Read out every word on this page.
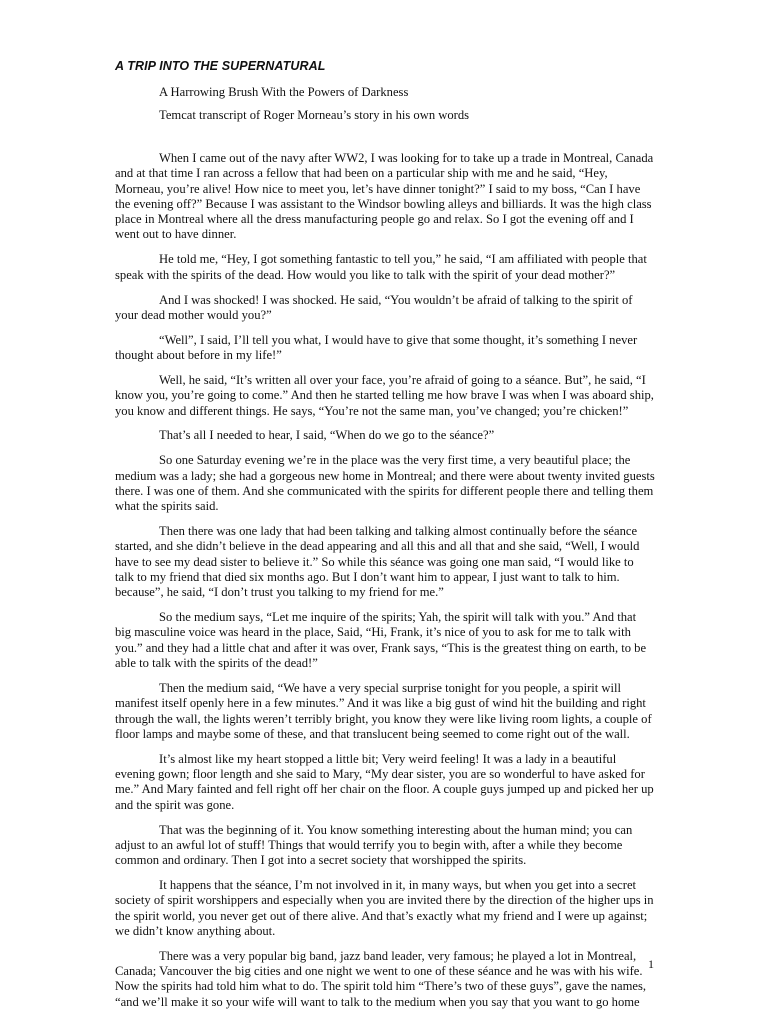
A TRIP INTO THE SUPERNATURAL
A Harrowing Brush With the Powers of Darkness
Temcat transcript of Roger Morneau’s story in his own words

When I came out of the navy after WW2, I was looking for to take up a trade in Montreal, Canada and at that time I ran across a fellow that had been on a particular ship with me and he said, “Hey, Morneau, you’re alive! How nice to meet you, let’s have dinner tonight?” I said to my boss, “Can I have the evening off?” Because I was assistant to the Windsor bowling alleys and billiards. It was the high class place in Montreal where all the dress manufacturing people go and relax. So I got the evening off and I went out to have dinner.

He told me, “Hey, I got something fantastic to tell you,” he said, “I am affiliated with people that speak with the spirits of the dead. How would you like to talk with the spirit of your dead mother?”

And I was shocked! I was shocked. He said, “You wouldn’t be afraid of talking to the spirit of your dead mother would you?”

“Well”, I said, I’ll tell you what, I would have to give that some thought, it’s something I never thought about before in my life!”

Well, he said, “It’s written all over your face, you’re afraid of going to a séance. But”, he said, “I know you, you’re going to come.” And then he started telling me how brave I was when I was aboard ship, you know and different things. He says, “You’re not the same man, you’ve changed; you’re chicken!”

That’s all I needed to hear, I said, “When do we go to the séance?”

So one Saturday evening we’re in the place was the very first time, a very beautiful place; the medium was a lady; she had a gorgeous new home in Montreal; and there were about twenty invited guests there. I was one of them. And she communicated with the spirits for different people there and telling them what the spirits said.

Then there was one lady that had been talking and talking almost continually before the séance started, and she didn’t believe in the dead appearing and all this and all that and she said, “Well, I would have to see my dead sister to believe it.” So while this séance was going one man said, “I would like to talk to my friend that died six months ago. But I don’t want him to appear, I just want to talk to him. because”, he said, “I don’t trust you talking to my friend for me.”

So the medium says, “Let me inquire of the spirits; Yah, the spirit will talk with you.” And that big masculine voice was heard in the place, Said, “Hi, Frank, it’s nice of you to ask for me to talk with you.” and they had a little chat and after it was over, Frank says, “This is the greatest thing on earth, to be able to talk with the spirits of the dead!”

Then the medium said, “We have a very special surprise tonight for you people, a spirit will manifest itself openly here in a few minutes.” And it was like a big gust of wind hit the building and right through the wall, the lights weren’t terribly bright, you know they were like living room lights, a couple of floor lamps and maybe some of these, and that translucent being seemed to come right out of the wall.

It’s almost like my heart stopped a little bit; Very weird feeling! It was a lady in a beautiful evening gown; floor length and she said to Mary, “My dear sister, you are so wonderful to have asked for me.” And Mary fainted and fell right off her chair on the floor. A couple guys jumped up and picked her up and the spirit was gone.

That was the beginning of it. You know something interesting about the human mind; you can adjust to an awful lot of stuff! Things that would terrify you to begin with, after a while they become common and ordinary. Then I got into a secret society that worshipped the spirits.

It happens that the séance, I’m not involved in it, in many ways, but when you get into a secret society of spirit worshippers and especially when you are invited there by the direction of the higher ups in the spirit world, you never get out of there alive. And that’s exactly what my friend and I were up against; we didn’t know anything about.

There was a very popular big band, jazz band leader, very famous; he played a lot in Montreal, Canada; Vancouver the big cities and one night we went to one of these séance and he was with his wife. Now the spirits had told him what to do. The spirit told him “There’s two of these guys”, gave the names, “and we’ll make it so your wife will want to talk to the medium when you say that you want to go home

1
